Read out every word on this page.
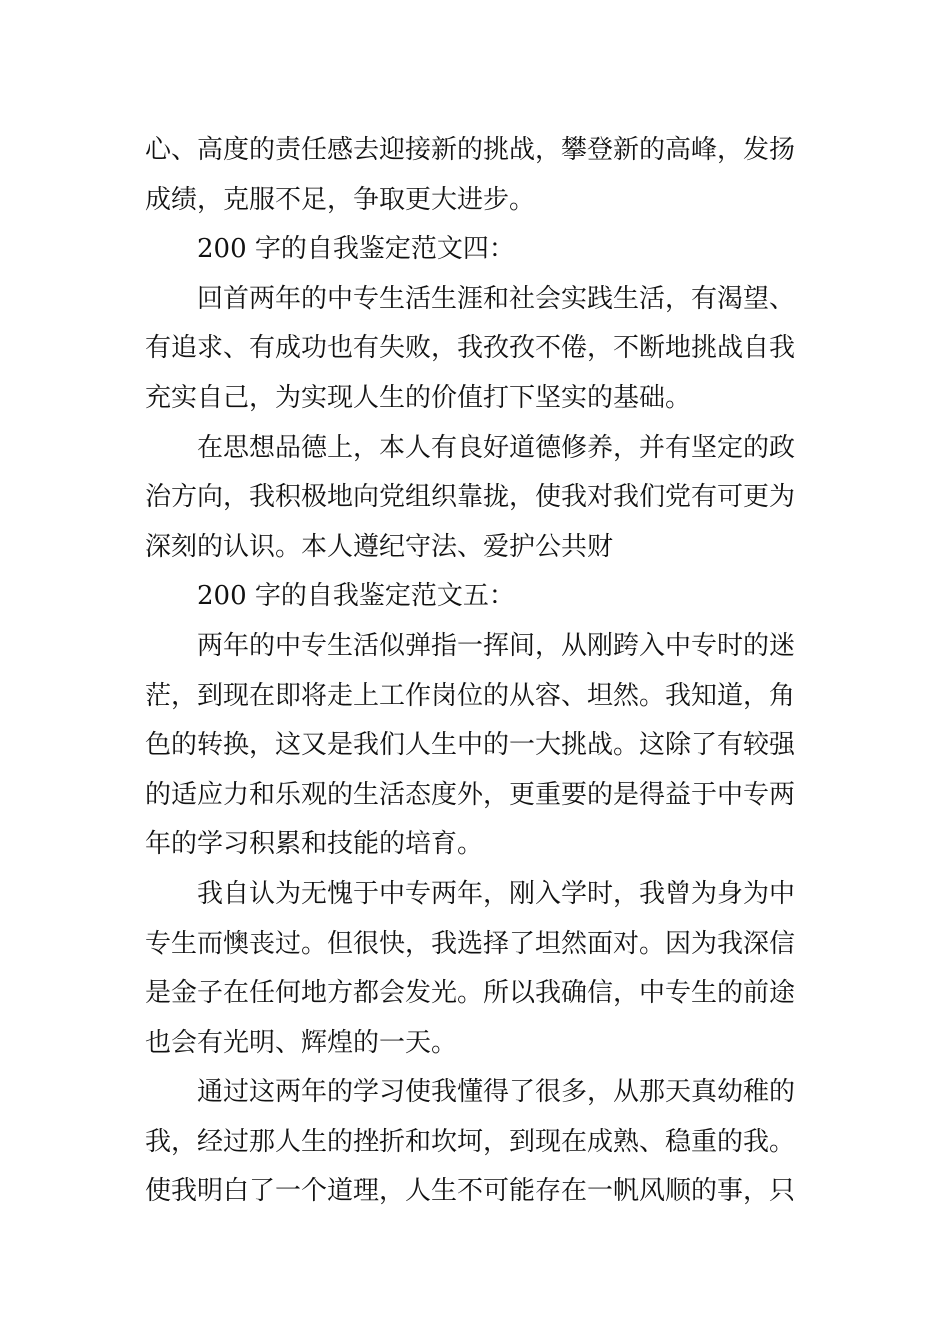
心、高度的责任感去迎接新的挑战，攀登新的高峰，发扬
成绩，克服不足，争取更大进步。
200 字的自我鉴定范文四：
回首两年的中专生活生涯和社会实践生活，有渴望、
有追求、有成功也有失败，我孜孜不倦，不断地挑战自我
充实自己，为实现人生的价值打下坚实的基础。
在思想品德上，本人有良好道德修养，并有坚定的政
治方向，我积极地向党组织靠拢，使我对我们党有可更为
深刻的认识。本人遵纪守法、爱护公共财
200 字的自我鉴定范文五：
两年的中专生活似弹指一挥间，从刚跨入中专时的迷
茫，到现在即将走上工作岗位的从容、坦然。我知道，角
色的转换，这又是我们人生中的一大挑战。这除了有较强
的适应力和乐观的生活态度外，更重要的是得益于中专两
年的学习积累和技能的培育。
我自认为无愧于中专两年，刚入学时，我曾为身为中
专生而懊丧过。但很快，我选择了坦然面对。因为我深信
是金子在任何地方都会发光。所以我确信，中专生的前途
也会有光明、辉煌的一天。
通过这两年的学习使我懂得了很多，从那天真幼稚的
我，经过那人生的挫折和坎坷，到现在成熟、稳重的我。
使我明白了一个道理，人生不可能存在一帆风顺的事，只
